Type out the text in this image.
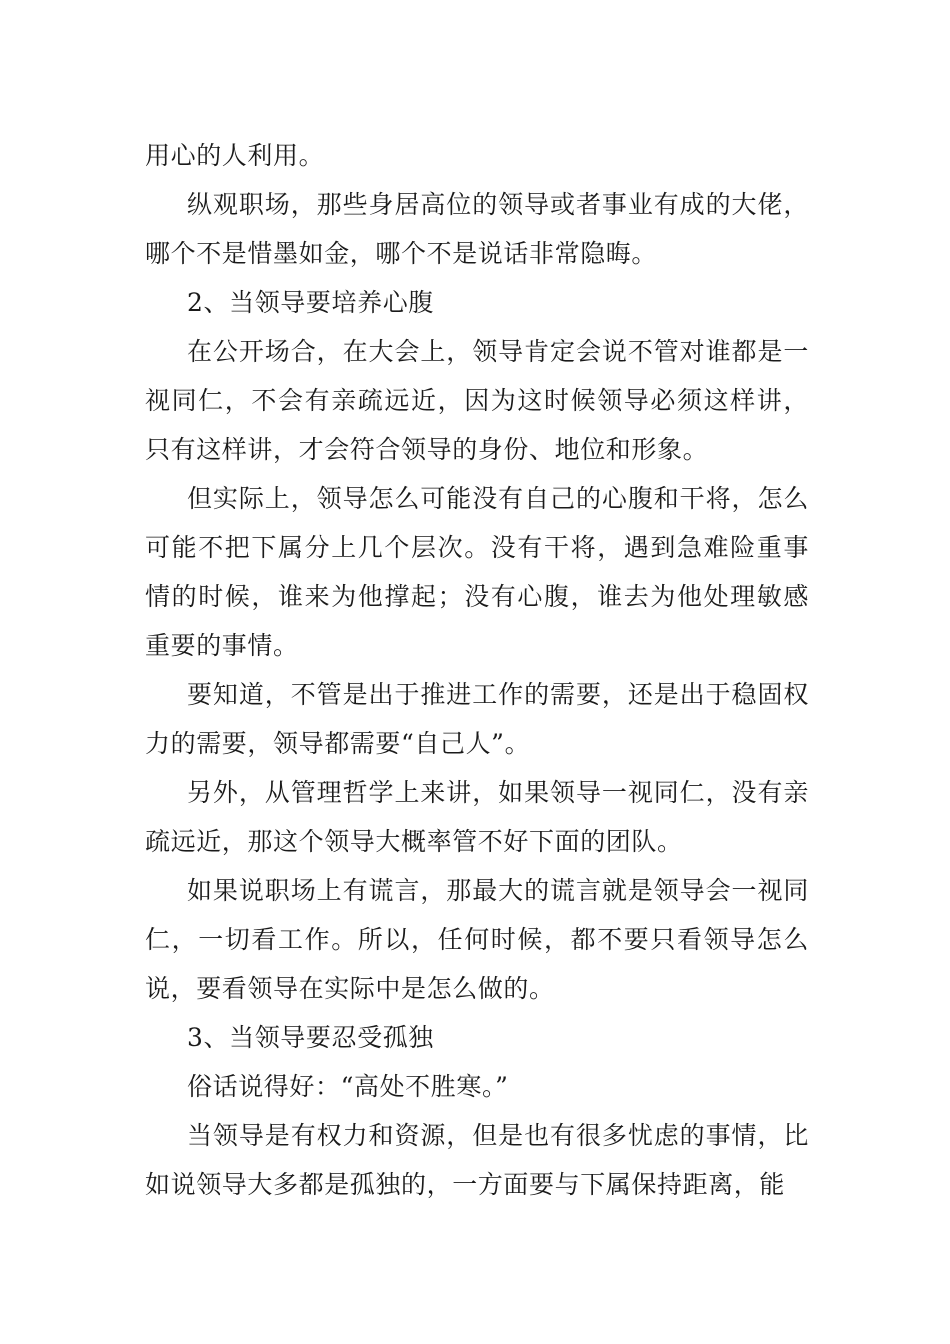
用心的人利用。

纵观职场，那些身居高位的领导或者事业有成的大佬，哪个不是惜墨如金，哪个不是说话非常隐晦。

2、当领导要培养心腹

在公开场合，在大会上，领导肯定会说不管对谁都是一视同仁，不会有亲疏远近，因为这时候领导必须这样讲，只有这样讲，才会符合领导的身份、地位和形象。

但实际上，领导怎么可能没有自己的心腹和干将，怎么可能不把下属分上几个层次。没有干将，遇到急难险重事情的时候，谁来为他撑起；没有心腹，谁去为他处理敏感重要的事情。

要知道，不管是出于推进工作的需要，还是出于稳固权力的需要，领导都需要“自己人”。

另外，从管理哲学上来讲，如果领导一视同仁，没有亲疏远近，那这个领导大概率管不好下面的团队。

如果说职场上有谎言，那最大的谎言就是领导会一视同仁，一切看工作。所以，任何时候，都不要只看领导怎么说，要看领导在实际中是怎么做的。

3、当领导要忍受孤独

俗话说得好：“高处不胜寒。”

当领导是有权力和资源，但是也有很多忧虑的事情，比如说领导大多都是孤独的，一方面要与下属保持距离，能
